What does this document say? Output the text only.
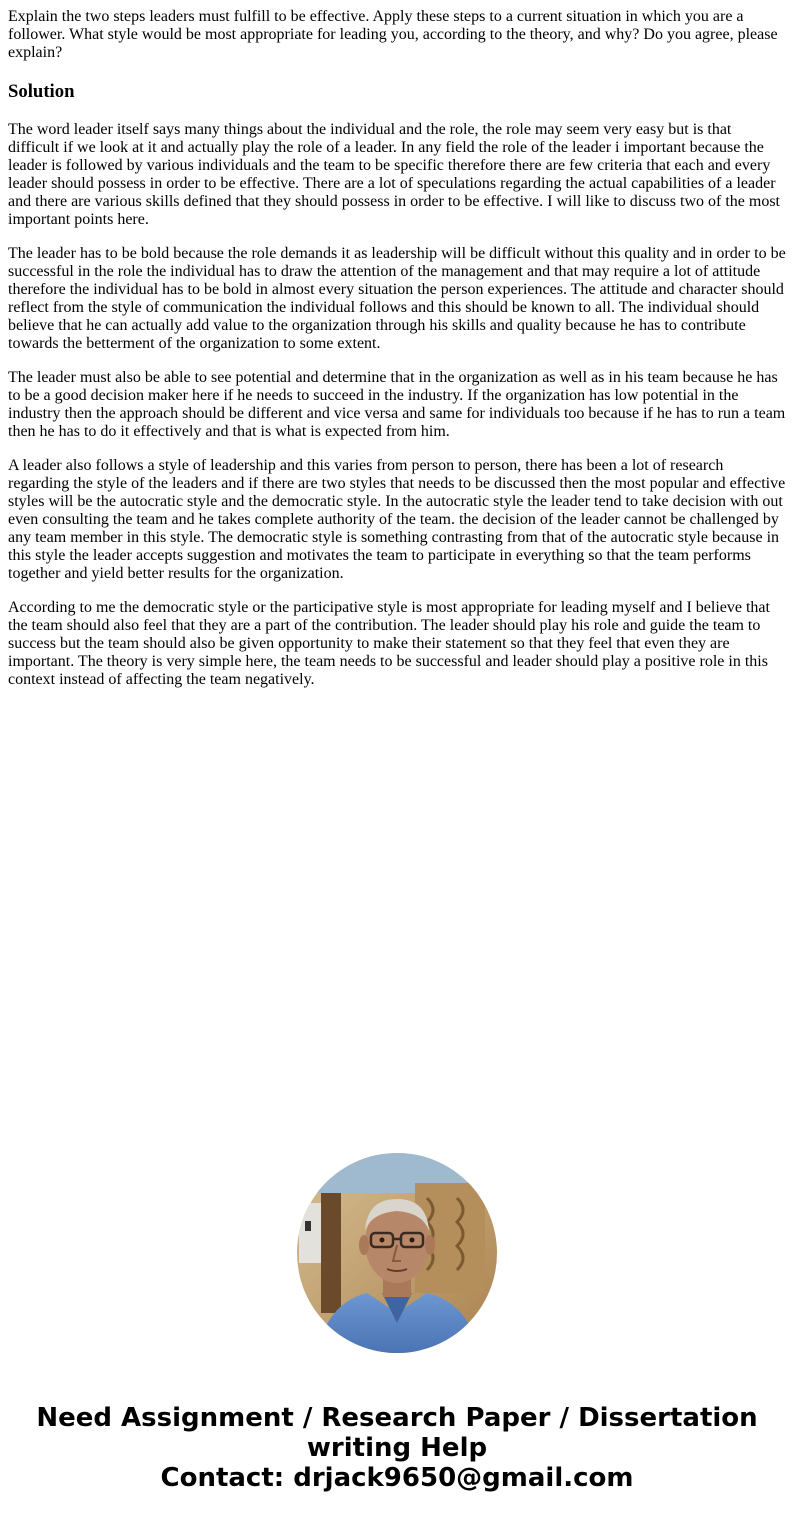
Explain the two steps leaders must fulfill to be effective. Apply these steps to a current situation in which you are a follower. What style would be most appropriate for leading you, according to the theory, and why? Do you agree, please explain?

Solution

The word leader itself says many things about the individual and the role, the role may seem very easy but is that difficult if we look at it and actually play the role of a leader. In any field the role of the leader i important because the leader is followed by various individuals and the team to be specific therefore there are few criteria that each and every leader should possess in order to be effective. There are a lot of speculations regarding the actual capabilities of a leader and there are various skills defined that they should possess in order to be effective. I will like to discuss two of the most important points here.

The leader has to be bold because the role demands it as leadership will be difficult without this quality and in order to be successful in the role the individual has to draw the attention of the management and that may require a lot of attitude therefore the individual has to be bold in almost every situation the person experiences. The attitude and character should reflect from the style of communication the individual follows and this should be known to all. The individual should believe that he can actually add value to the organization through his skills and quality because he has to contribute towards the betterment of the organization to some extent.

The leader must also be able to see potential and determine that in the organization as well as in his team because he has to be a good decision maker here if he needs to succeed in the industry. If the organization has low potential in the industry then the approach should be different and vice versa and same for individuals too because if he has to run a team then he has to do it effectively and that is what is expected from him.

A leader also follows a style of leadership and this varies from person to person, there has been a lot of research regarding the style of the leaders and if there are two styles that needs to be discussed then the most popular and effective styles will be the autocratic style and the democratic style. In the autocratic style the leader tend to take decision with out even consulting the team and he takes complete authority of the team. the decision of the leader cannot be challenged by any team member in this style. The democratic style is something contrasting from that of the autocratic style because in this style the leader accepts suggestion and motivates the team to participate in everything so that the team performs together and yield better results for the organization.

According to me the democratic style or the participative style is most appropriate for leading myself and I believe that the team should also feel that they are a part of the contribution. The leader should play his role and guide the team to success but the team should also be given opportunity to make their statement so that they feel that even they are important. The theory is very simple here, the team needs to be successful and leader should play a positive role in this context instead of affecting the team negatively.

Need Assignment / Research Paper / Dissertation
writing Help
Contact: drjack9650@gmail.com
